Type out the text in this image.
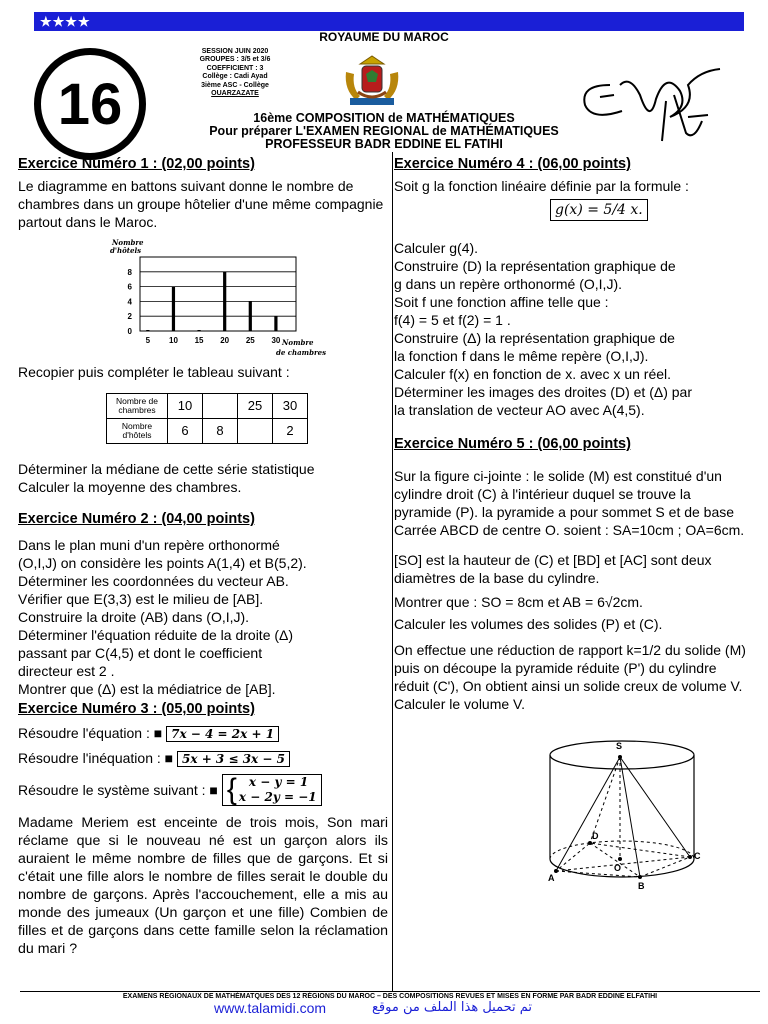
★★★★
ROYAUME DU MAROC
16
SESSION JUIN 2020
GROUPES : 3/5 et 3/6
COEFFICIENT : 3
Collège : Cadi Ayad
3ième ASC - Collège
OUARZAZATE
16ème COMPOSITION de MATHÉMATIQUES
Pour préparer L'EXAMEN REGIONAL de MATHÉMATIQUES
PROFESSEUR BADR EDDINE EL FATIHI
Exercice Numéro 1 : (02,00 points)

Le diagramme en battons suivant donne le nombre de chambres dans un groupe hôtelier d'une même compagnie partout dans le Maroc.

Nombre
d'hôtels
0
2
4
6
8
5 10 15 20 25 30 Nombre
de chambres

Recopier puis compléter le tableau suivant :

Nombre de chambres	10		25	30
Nombre d'hôtels	6	8		2

Déterminer la médiane de cette série statistique

Calculer la moyenne des chambres.

Exercice Numéro 2 : (04,00 points)

Dans le plan muni d'un repère orthonormé

(O,I,J) on considère les points A(1,4) et B(5,2).

Déterminer les coordonnées du vecteur AB.

Vérifier que E(3,3) est le milieu de [AB].

Construire la droite (AB) dans (O,I,J).

Déterminer l'équation réduite de la droite (Δ)

passant par C(4,5) et dont le coefficient

directeur est 2 .

Montrer que (Δ) est la médiatrice de [AB].

Exercice Numéro 3 : (05,00 points)
Résoudre l'équation : ■ 7x − 4 = 2x + 1
Résoudre l'inéquation : ■ 5x + 3 ≤ 3x − 5
Résoudre le système suivant : ■ {	x − y = 1
x − 2y = −1

Madame Meriem est enceinte de trois mois, Son mari réclame que si le nouveau né est un garçon alors ils auraient le même nombre de filles que de garçons. Et si c'était une fille alors le nombre de filles serait le double du nombre de garçons. Après l'accouchement, elle a mis au monde des jumeaux (Un garçon et une fille) Combien de filles et de garçons dans cette famille selon la réclamation du mari ?

Exercice Numéro 4 : (06,00 points)

Soit g la fonction linéaire définie par la formule :

g(x) = 5/4 x.

Calculer g(4).

Construire (D) la représentation graphique de

g dans un repère orthonormé (O,I,J).

Soit f une fonction affine telle que :

f(4) = 5 et f(2) = 1 .

Construire (Δ) la représentation graphique de

la fonction f dans le même repère (O,I,J).

Calculer f(x) en fonction de x. avec x un réel.

Déterminer les images des droites (D) et (Δ) par

la translation de vecteur AO avec A(4,5).

Exercice Numéro 5 : (06,00 points)

Sur la figure ci-jointe : le solide (M) est constitué d'un cylindre droit (C) à l'intérieur duquel se trouve la pyramide (P). la pyramide a pour sommet S et de base Carrée ABCD de centre O. soient : SA=10cm ; OA=6cm.

[SO] est la hauteur de (C) et [BD] et [AC] sont deux diamètres de la base du cylindre.

Montrer que : SO = 8cm et AB = 6√2cm.

Calculer les volumes des solides (P) et (C).

On effectue une réduction de rapport k=1/2 du solide (M) puis on découpe la pyramide réduite (P') du cylindre réduit (C'), On obtient ainsi un solide creux de volume V.

Calculer le volume V.

S
A
B
C
D
O
EXAMENS RÉGIONAUX DE MATHÉMATQUES DES 12 RÉGIONS DU MAROC – DES COMPOSITIONS REVUES ET MISES EN FORME PAR BADR EDDINE ELFATIHI
www.talamidi.com	تم تحميل هذا الملف من موقع
